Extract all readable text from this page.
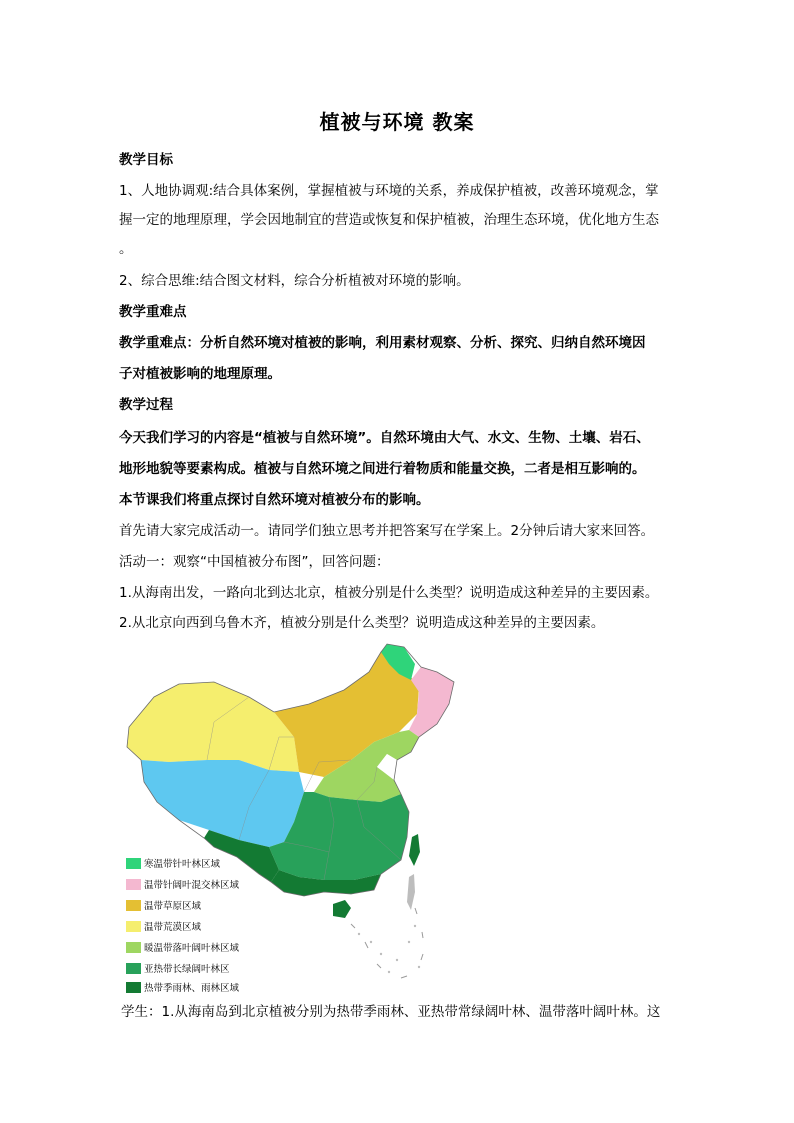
植被与环境 教案
教学目标
1、人地协调观:结合具体案例，掌握植被与环境的关系，养成保护植被，改善环境观念，掌
握一定的地理原理，学会因地制宜的营造或恢复和保护植被，治理生态环境，优化地方生态
。
2、综合思维:结合图文材料，综合分析植被对环境的影响。
教学重难点
教学重难点：分析自然环境对植被的影响，利用素材观察、分析、探究、归纳自然环境因
子对植被影响的地理原理。
教学过程
今天我们学习的内容是“植被与自然环境”。自然环境由大气、水文、生物、土壤、岩石、
地形地貌等要素构成。植被与自然环境之间进行着物质和能量交换，二者是相互影响的。
本节课我们将重点探讨自然环境对植被分布的影响。
首先请大家完成活动一。请同学们独立思考并把答案写在学案上。2分钟后请大家来回答。
活动一：观察“中国植被分布图”，回答问题：
1.从海南出发，一路向北到达北京，植被分别是什么类型？说明造成这种差异的主要因素。
2.从北京向西到乌鲁木齐，植被分别是什么类型？说明造成这种差异的主要因素。
寒温带针叶林区域
温带针阔叶混交林区域
温带草原区域
温带荒漠区域
暖温带落叶阔叶林区域
亚热带长绿阔叶林区
热带季雨林、雨林区域
学生：1.从海南岛到北京植被分别为热带季雨林、亚热带常绿阔叶林、温带落叶阔叶林。这
